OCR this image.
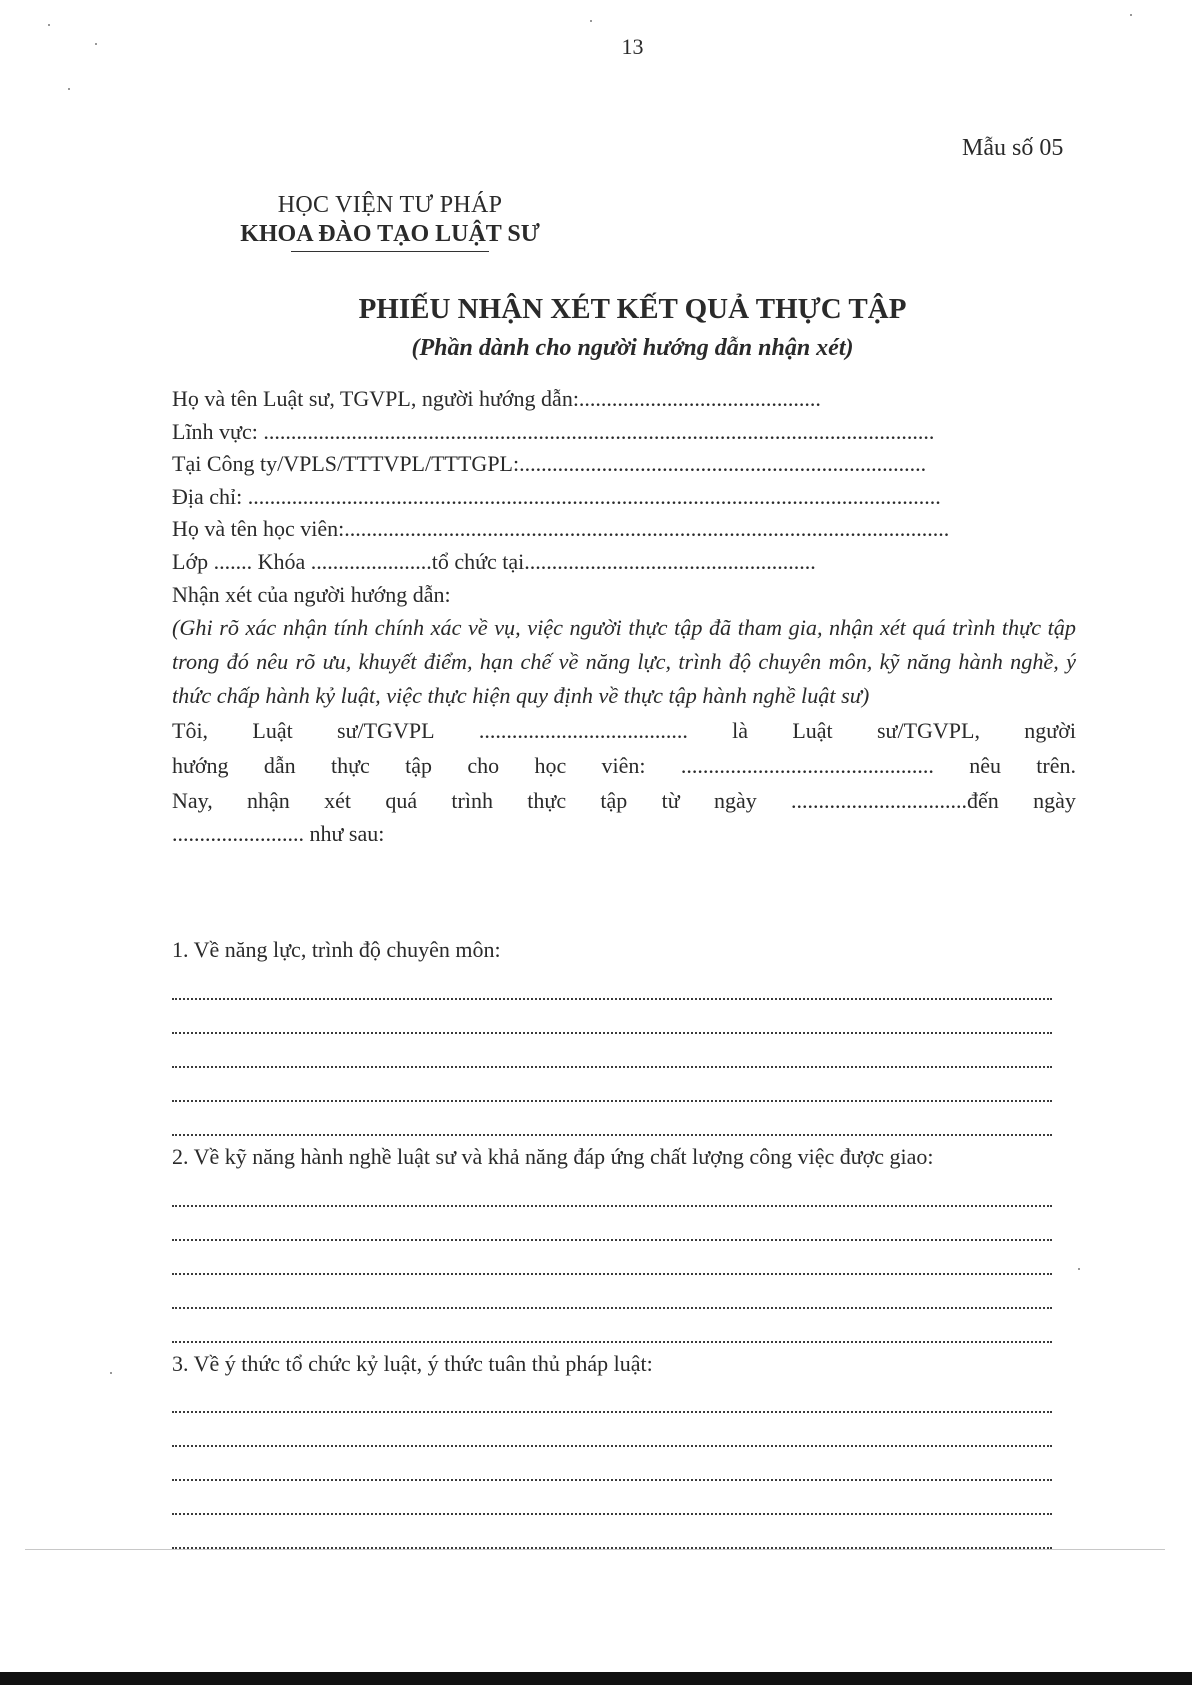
13
Mẫu số 05
HỌC VIỆN TƯ PHÁP
KHOA ĐÀO TẠO LUẬT SƯ
PHIẾU NHẬN XÉT KẾT QUẢ THỰC TẬP
(Phần dành cho người hướng dẫn nhận xét)
Họ và tên Luật sư, TGVPL, người hướng dẫn:............................................
Lĩnh vực: ..........................................................................................................................
Tại Công ty/VPLS/TTTVPL/TTTGPL:..........................................................................
Địa chỉ: ..............................................................................................................................
Họ và tên học viên:..............................................................................................................
Lớp ....... Khóa ......................tổ chức tại.....................................................
Nhận xét của người hướng dẫn:
(Ghi rõ xác nhận tính chính xác về vụ, việc người thực tập đã tham gia, nhận xét quá trình thực tập trong đó nêu rõ ưu, khuyết điểm, hạn chế về năng lực, trình độ chuyên môn, kỹ năng hành nghề, ý thức chấp hành kỷ luật, việc thực hiện quy định về thực tập hành nghề luật sư)
Tôi, Luật sư/TGVPL ...................................... là Luật sư/TGVPL, người
hướng dẫn thực tập cho học viên: .............................................. nêu trên.
Nay, nhận xét quá trình thực tập từ ngày ................................đến ngày
........................ như sau:
1. Về năng lực, trình độ chuyên môn:
2. Về kỹ năng hành nghề luật sư và khả năng đáp ứng chất lượng công việc được giao:
3. Về ý thức tổ chức kỷ luật, ý thức tuân thủ pháp luật:
